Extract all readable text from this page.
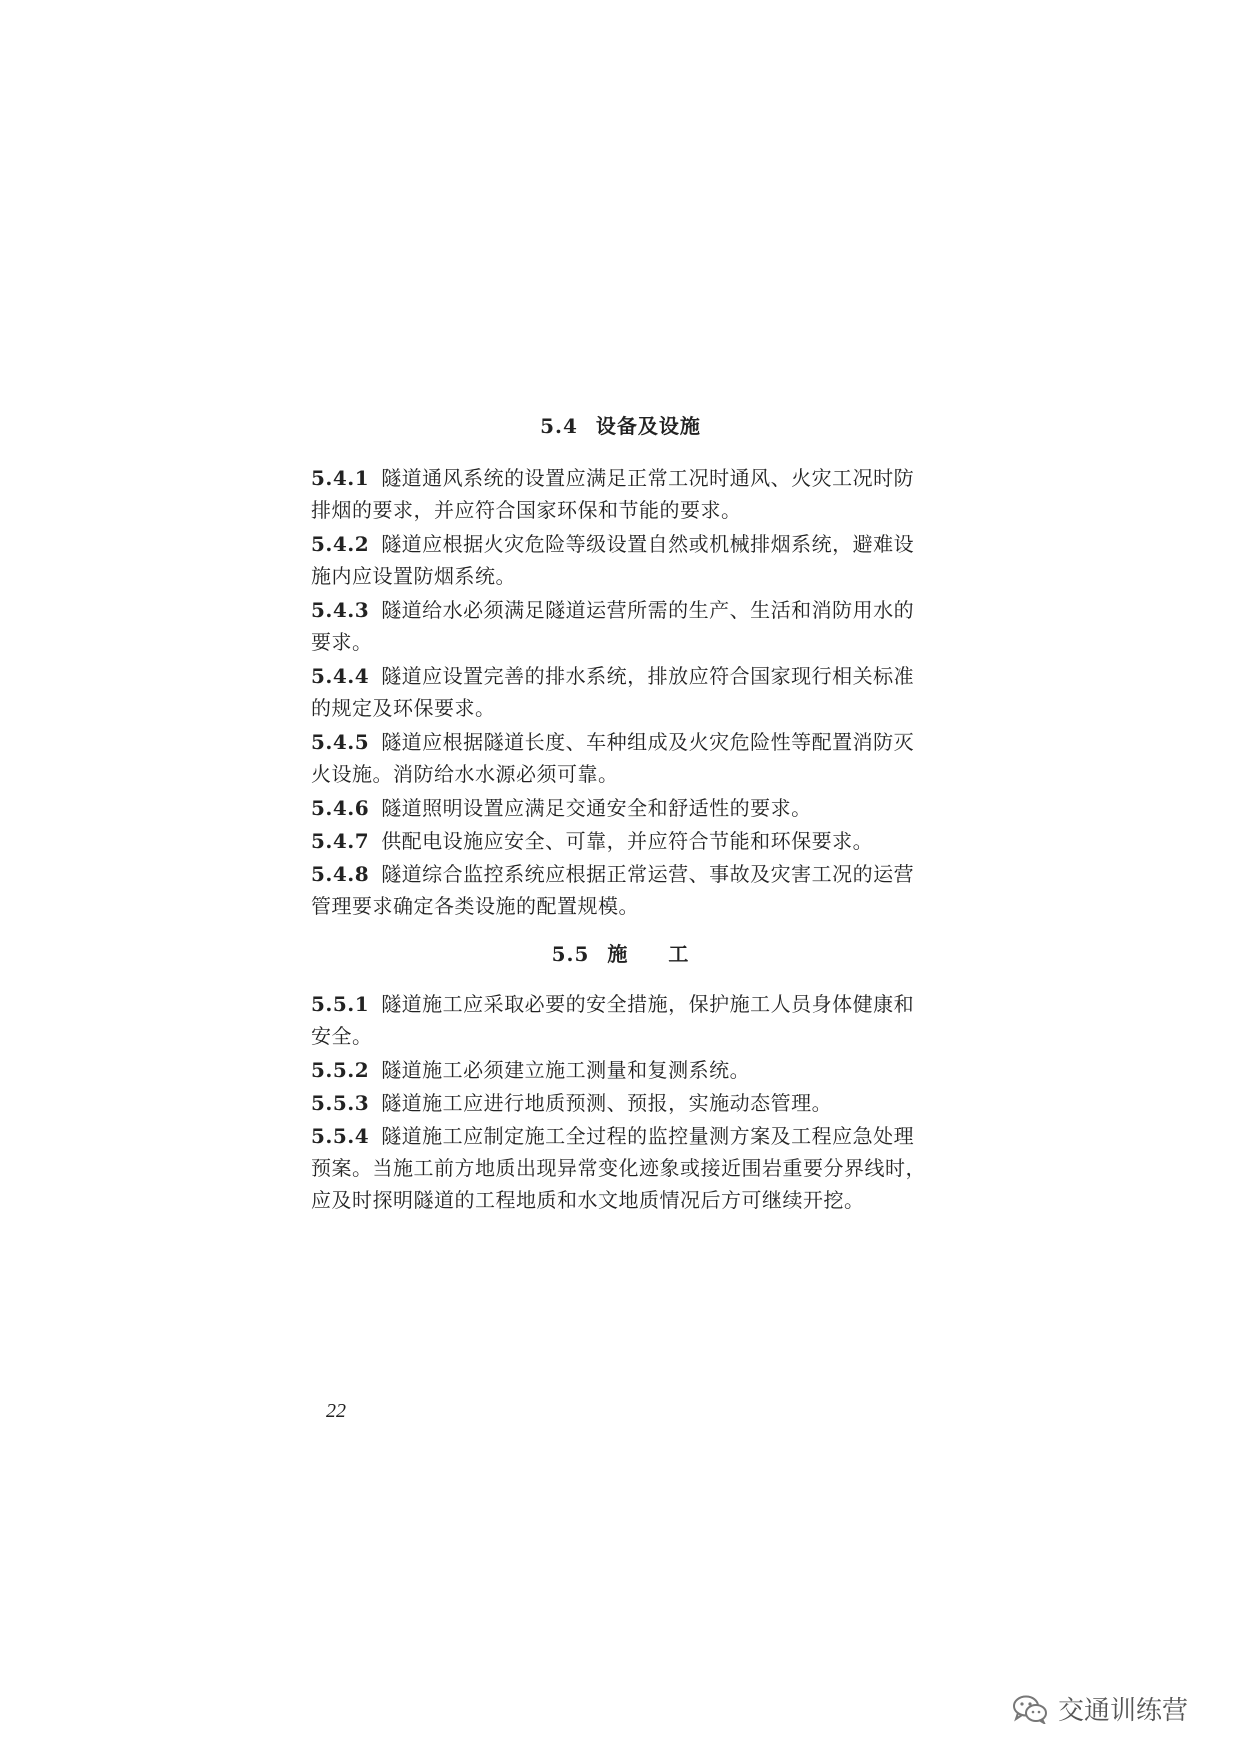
5.4 设备及设施
5.4.1 隧道通风系统的设置应满足正常工况时通风、火灾工况时防排烟的要求，并应符合国家环保和节能的要求。
5.4.2 隧道应根据火灾危险等级设置自然或机械排烟系统，避难设施内应设置防烟系统。
5.4.3 隧道给水必须满足隧道运营所需的生产、生活和消防用水的要求。
5.4.4 隧道应设置完善的排水系统，排放应符合国家现行相关标准的规定及环保要求。
5.4.5 隧道应根据隧道长度、车种组成及火灾危险性等配置消防灭火设施。消防给水水源必须可靠。
5.4.6 隧道照明设置应满足交通安全和舒适性的要求。
5.4.7 供配电设施应安全、可靠，并应符合节能和环保要求。
5.4.8 隧道综合监控系统应根据正常运营、事故及灾害工况的运营管理要求确定各类设施的配置规模。
5.5 施 工
5.5.1 隧道施工应采取必要的安全措施，保护施工人员身体健康和安全。
5.5.2 隧道施工必须建立施工测量和复测系统。
5.5.3 隧道施工应进行地质预测、预报，实施动态管理。
5.5.4 隧道施工应制定施工全过程的监控量测方案及工程应急处理预案。当施工前方地质出现异常变化迹象或接近围岩重要分界线时，应及时探明隧道的工程地质和水文地质情况后方可继续开挖。
22
交通训练营
